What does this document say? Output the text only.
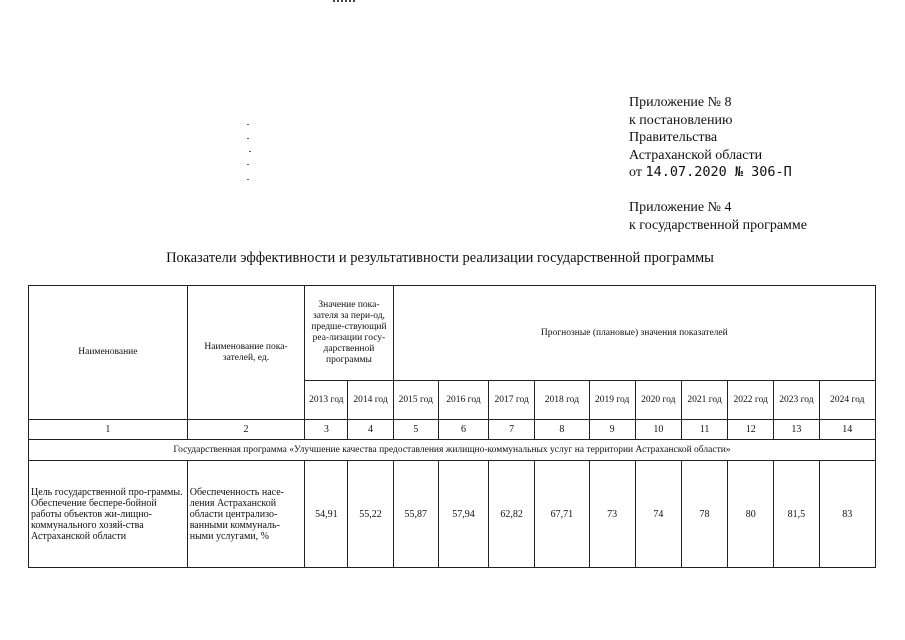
Приложение № 8
к постановлению
Правительства
Астраханской области
от 14.07.2020 № 306-П
Приложение № 4
к государственной программе
Показатели эффективности и результативности реализации государственной программы
Наименование	Наименование пока-зателей, ед.	Значение пока-зателя за пери-од, предше-ствующий реа-лизации госу-дарственной программы		Прогнозные (плановые) значения показателей									
		2013 год	2014 год	2015 год	2016 год	2017 год	2018 год	2019 год	2020 год	2021 год	2022 год	2023 год	2024 год
1	2	3	4	5	6	7	8	9	10	11	12	13	14
Государственная программа «Улучшение качества предоставления жилищно-коммунальных услуг на территории Астраханской области»													
Цель государственной про-граммы. Обеспечение беспере-бойной работы объектов жи-лищно-коммунального хозяй-ства Астраханской области	Обеспеченность насе-ления Астраханской области централизо-ванными коммуналь-ными услугами, %	54,91	55,22	55,87	57,94	62,82	67,71	73	74	78	80	81,5	83
